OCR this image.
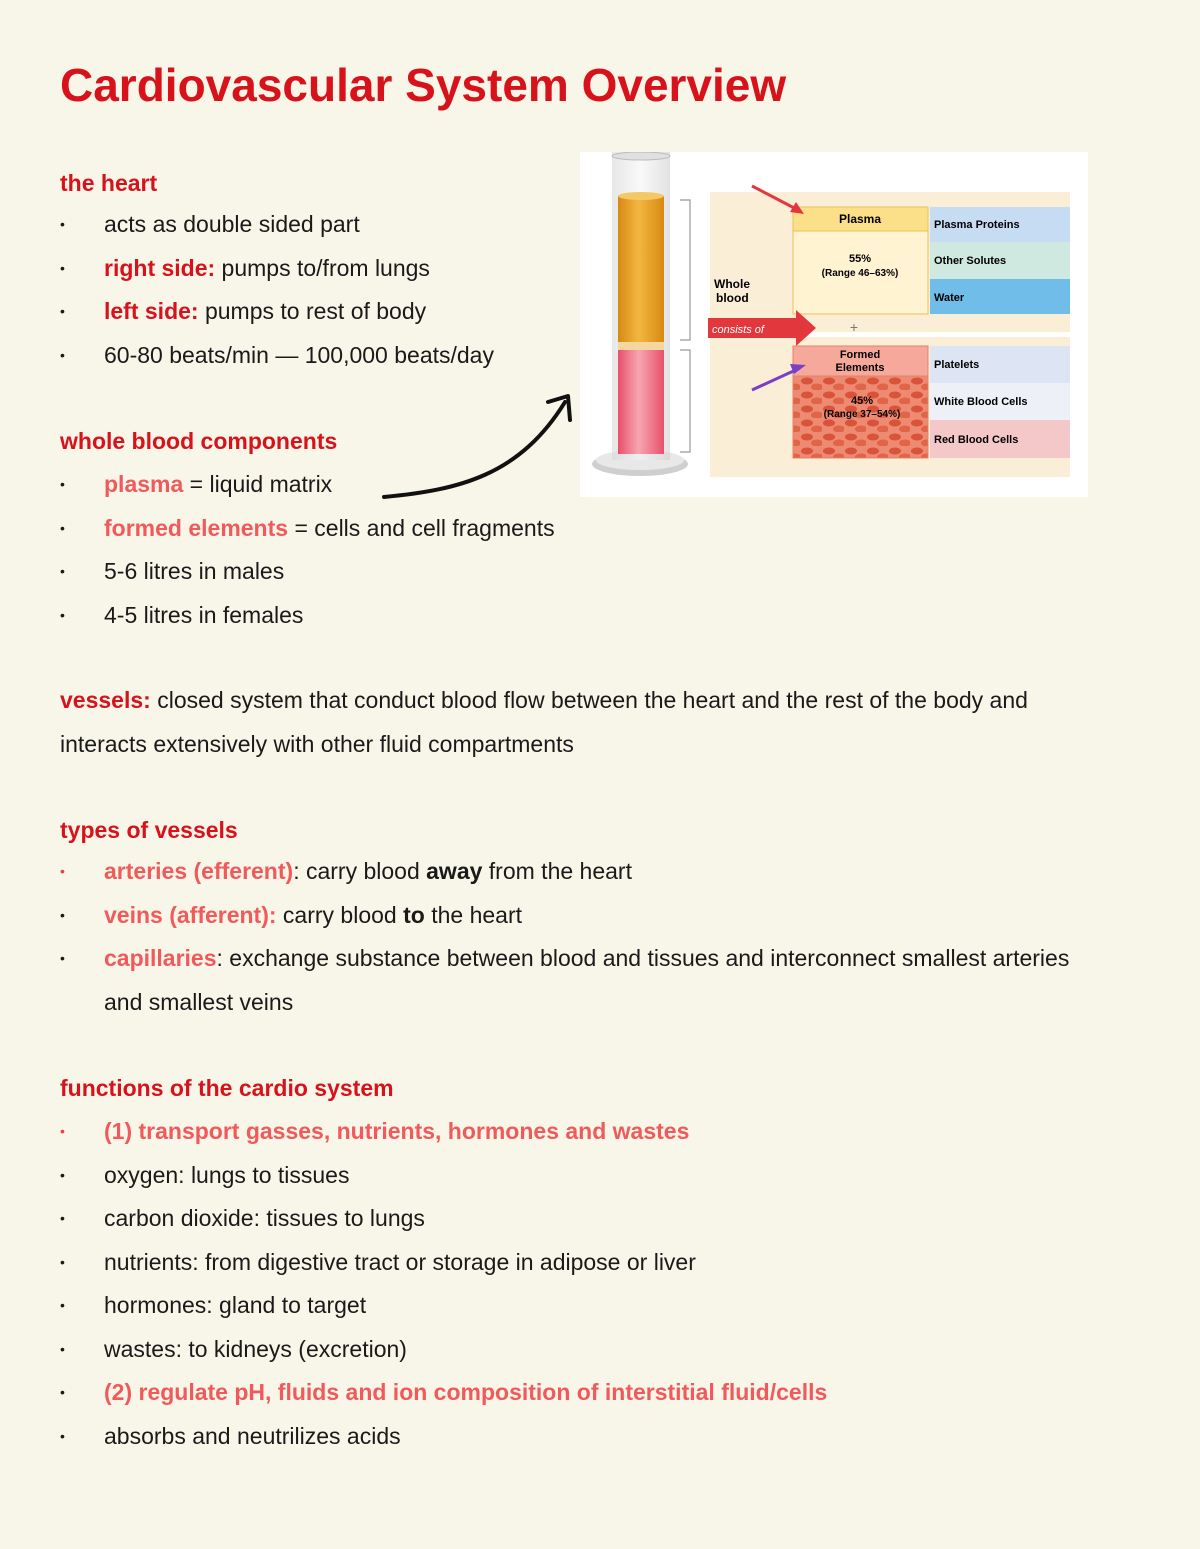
Cardiovascular System Overview
the heart
•	acts as double sided part
•	right side: pumps to/from lungs
•	left side: pumps to rest of body
•	60-80 beats/min — 100,000 beats/day
whole blood components
•	plasma = liquid matrix
•	formed elements = cells and cell fragments
•	5-6 litres in males
•	4-5 litres in females

vessels: closed system that conduct blood flow between the heart and the rest of the body and interacts extensively with other fluid compartments

types of vessels
•	arteries (efferent): carry blood away from the heart
•	veins (afferent): carry blood to the heart
•	capillaries: exchange substance between blood and tissues and interconnect smallest arteries and smallest veins
functions of the cardio system
•	(1) transport gasses, nutrients, hormones and wastes
•	oxygen: lungs to tissues
•	carbon dioxide: tissues to lungs
•	nutrients: from digestive tract or storage in adipose or liver
•	hormones: gland to target
•	wastes: to kidneys (excretion)
•	(2) regulate pH, fluids and ion composition of interstitial fluid/cells
•	absorbs and neutrilizes acids
Plasma
55%
(Range 46–63%)
Plasma Proteins
Other Solutes
Water
Whole
blood
consists of	+
Formed
Elements
45%
(Range 37–54%)
Platelets
White Blood Cells
Red Blood Cells
